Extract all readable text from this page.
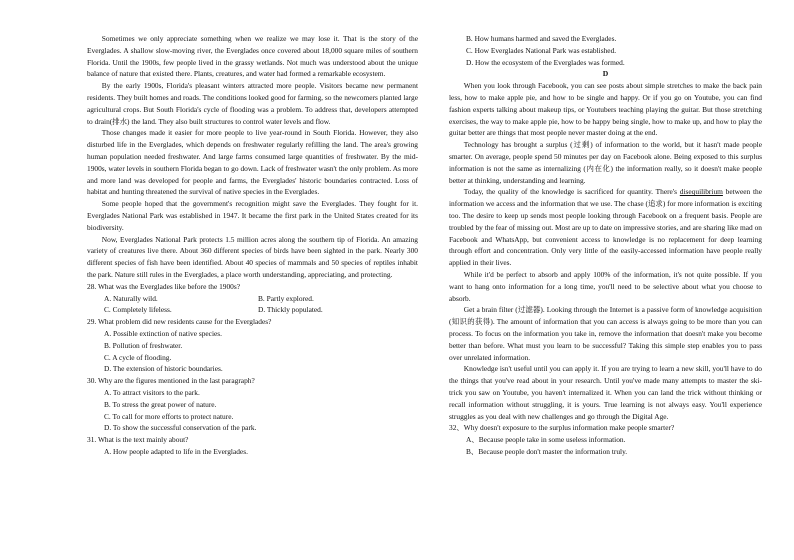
Sometimes we only appreciate something when we realize we may lose it. That is the story of the Everglades. A shallow slow-moving river, the Everglades once covered about 18,000 square miles of southern Florida. Until the 1900s, few people lived in the grassy wetlands. Not much was understood about the unique balance of nature that existed there. Plants, creatures, and water had formed a remarkable ecosystem.

By the early 1900s, Florida's pleasant winters attracted more people. Visitors became new permanent residents. They built homes and roads. The conditions looked good for farming, so the newcomers planted large agricultural crops. But South Florida's cycle of flooding was a problem. To address that, developers attempted to drain(排水) the land. They also built structures to control water levels and flow.

Those changes made it easier for more people to live year-round in South Florida. However, they also disturbed life in the Everglades, which depends on freshwater regularly refilling the land. The area's growing human population needed freshwater. And large farms consumed large quantities of freshwater. By the mid-1900s, water levels in southern Florida began to go down. Lack of freshwater wasn't the only problem. As more and more land was developed for people and farms, the Everglades' historic boundaries contracted. Loss of habitat and hunting threatened the survival of native species in the Everglades.

Some people hoped that the government's recognition might save the Everglades. They fought for it. Everglades National Park was established in 1947. It became the first park in the United States created for its biodiversity.

Now, Everglades National Park protects 1.5 million acres along the southern tip of Florida. An amazing variety of creatures live there. About 360 different species of birds have been sighted in the park. Nearly 300 different species of fish have been identified. About 40 species of mammals and 50 species of reptiles inhabit the park. Nature still rules in the Everglades, a place worth understanding, appreciating, and protecting.

28. What was the Everglades like before the 1900s?

A. Naturally wild.	B. Partly explored.

C. Completely lifeless.	D. Thickly populated.

29. What problem did new residents cause for the Everglades?

A. Possible extinction of native species.

B. Pollution of freshwater.

C. A cycle of flooding.

D. The extension of historic boundaries.

30. Why are the figures mentioned in the last paragraph?

A. To attract visitors to the park.

B. To stress the great power of nature.

C. To call for more efforts to protect nature.

D. To show the successful conservation of the park.

31. What is the text mainly about?

A. How people adapted to life in the Everglades.

B. How humans harmed and saved the Everglades.

C. How Everglades National Park was established.

D. How the ecosystem of the Everglades was formed.

D

When you look through Facebook, you can see posts about simple stretches to make the back pain less, how to make apple pie, and how to be single and happy. Or if you go on Youtube, you can find fashion experts talking about makeup tips, or Youtubers teaching playing the guitar. But those stretching exercises, the way to make apple pie, how to be happy being single, how to make up, and how to play the guitar better are things that most people never master doing at the end.

Technology has brought a surplus (过剩) of information to the world, but it hasn't made people smarter. On average, people spend 50 minutes per day on Facebook alone. Being exposed to this surplus information is not the same as internalizing (内在化) the information really, so it doesn't make people better at thinking, understanding and learning.

Today, the quality of the knowledge is sacrificed for quantity. There's disequilibrium between the information we access and the information that we use. The chase (追求) for more information is exciting too. The desire to keep up sends most people looking through Facebook on a frequent basis. People are troubled by the fear of missing out. Most are up to date on impressive stories, and are sharing like mad on Facebook and WhatsApp, but convenient access to knowledge is no replacement for deep learning through effort and concentration. Only very little of the easily-accessed information have people really applied in their lives.

While it'd be perfect to absorb and apply 100% of the information, it's not quite possible. If you want to hang onto information for a long time, you'll need to be selective about what you choose to absorb.

Get a brain filter (过滤器). Looking through the Internet is a passive form of knowledge acquisition (知识的获得). The amount of information that you can access is always going to be more than you can process. To focus on the information you take in, remove the information that doesn't make you become better than before. What must you learn to be successful? Taking this simple step enables you to pass over unrelated information.

Knowledge isn't useful until you can apply it. If you are trying to learn a new skill, you'll have to do the things that you've read about in your research. Until you've made many attempts to master the ski-trick you saw on Youtube, you haven't internalized it. When you can land the trick without thinking or recall information without struggling, it is yours. True learning is not always easy. You'll experience struggles as you deal with new challenges and go through the Digital Age.

32、Why doesn't exposure to the surplus information make people smarter?

A、Because people take in some useless information.

B、Because people don't master the information truly.
